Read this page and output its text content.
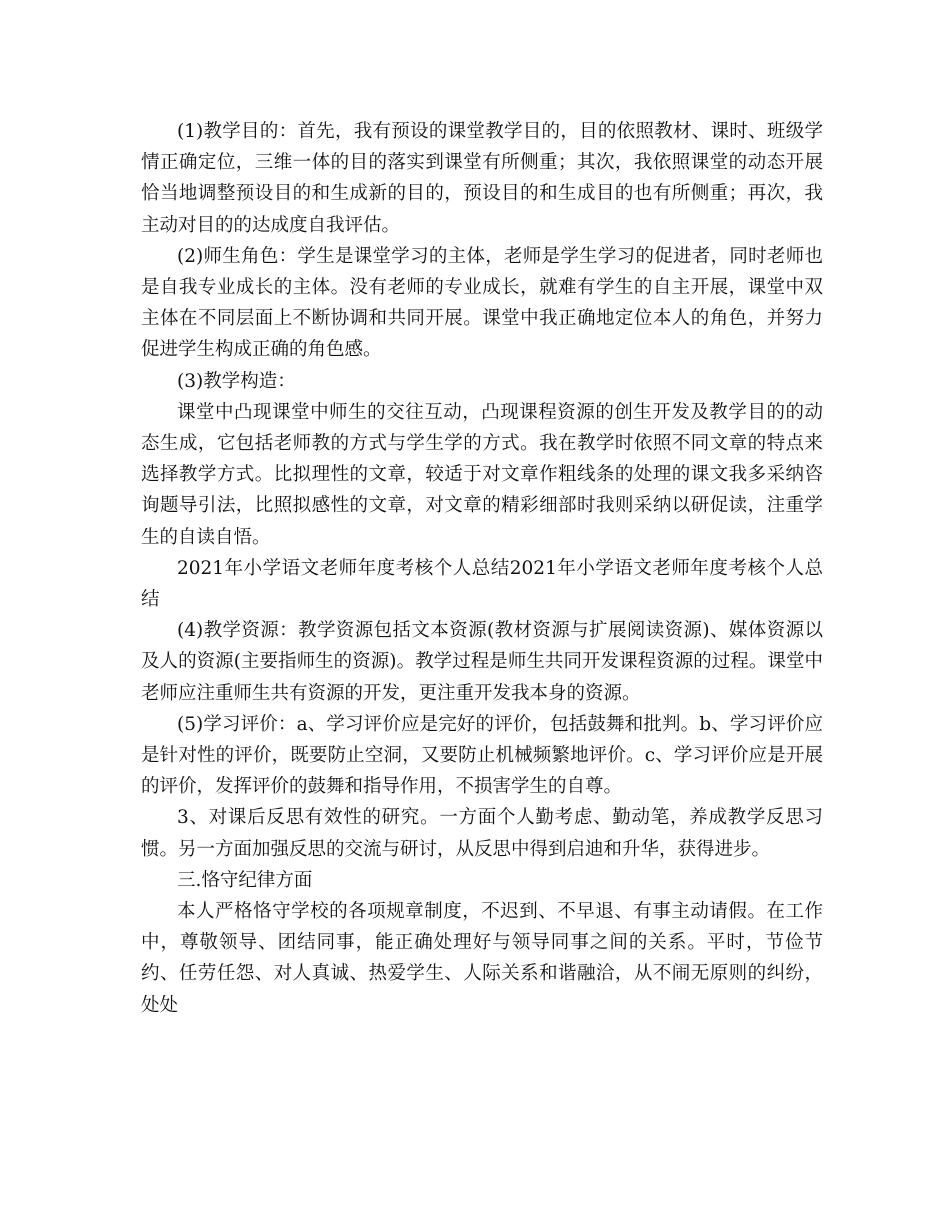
(1)教学目的：首先，我有预设的课堂教学目的，目的依照教材、课时、班级学情正确定位，三维一体的目的落实到课堂有所侧重；其次，我依照课堂的动态开展恰当地调整预设目的和生成新的目的，预设目的和生成目的也有所侧重；再次，我主动对目的的达成度自我评估。

(2)师生角色：学生是课堂学习的主体，老师是学生学习的促进者，同时老师也是自我专业成长的主体。没有老师的专业成长，就难有学生的自主开展，课堂中双主体在不同层面上不断协调和共同开展。课堂中我正确地定位本人的角色，并努力促进学生构成正确的角色感。

(3)教学构造：

课堂中凸现课堂中师生的交往互动，凸现课程资源的创生开发及教学目的的动态生成，它包括老师教的方式与学生学的方式。我在教学时依照不同文章的特点来选择教学方式。比拟理性的文章，较适于对文章作粗线条的处理的课文我多采纳咨询题导引法，比照拟感性的文章，对文章的精彩细部时我则采纳以研促读，注重学生的自读自悟。

2021年小学语文老师年度考核个人总结2021年小学语文老师年度考核个人总结

(4)教学资源：教学资源包括文本资源(教材资源与扩展阅读资源)、媒体资源以及人的资源(主要指师生的资源)。教学过程是师生共同开发课程资源的过程。课堂中老师应注重师生共有资源的开发，更注重开发我本身的资源。

(5)学习评价：a、学习评价应是完好的评价，包括鼓舞和批判。b、学习评价应是针对性的评价，既要防止空洞，又要防止机械频繁地评价。c、学习评价应是开展的评价，发挥评价的鼓舞和指导作用，不损害学生的自尊。

3、对课后反思有效性的研究。一方面个人勤考虑、勤动笔，养成教学反思习惯。另一方面加强反思的交流与研讨，从反思中得到启迪和升华，获得进步。

三.恪守纪律方面

本人严格恪守学校的各项规章制度，不迟到、不早退、有事主动请假。在工作中，尊敬领导、团结同事，能正确处理好与领导同事之间的关系。平时，节俭节约、任劳任怨、对人真诚、热爱学生、人际关系和谐融洽，从不闹无原则的纠纷，处处
